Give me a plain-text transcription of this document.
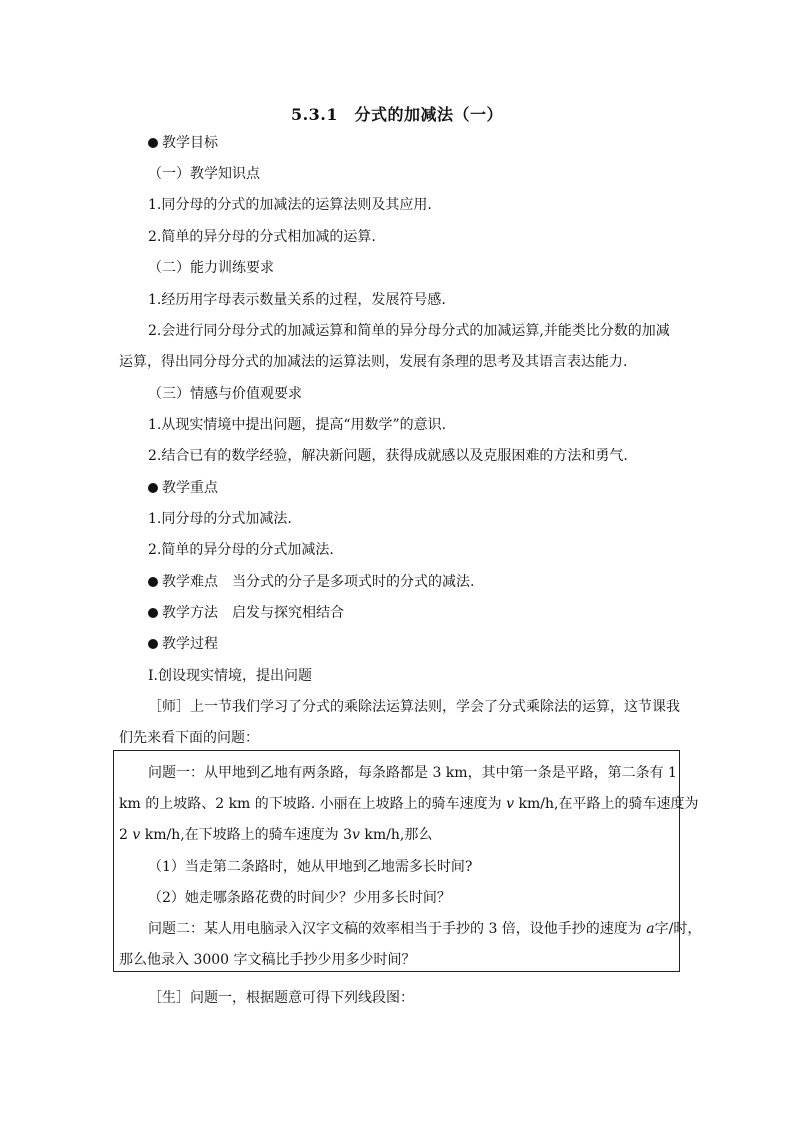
5.3.1　分式的加减法（一）
教学目标
（一）教学知识点
1.同分母的分式的加减法的运算法则及其应用.
2.简单的异分母的分式相加减的运算.
（二）能力训练要求
1.经历用字母表示数量关系的过程，发展符号感.
2.会进行同分母分式的加减运算和简单的异分母分式的加减运算,并能类比分数的加减
运算，得出同分母分式的加减法的运算法则，发展有条理的思考及其语言表达能力.
（三）情感与价值观要求
1.从现实情境中提出问题，提高“用数学”的意识.
2.结合已有的数学经验，解决新问题，获得成就感以及克服困难的方法和勇气.
教学重点
1.同分母的分式加减法.
2.简单的异分母的分式加减法.
教学难点　当分式的分子是多项式时的分式的减法.
教学方法　启发与探究相结合
教学过程
Ⅰ.创设现实情境，提出问题
［师］上一节我们学习了分式的乘除法运算法则，学会了分式乘除法的运算，这节课我
们先来看下面的问题：
问题一：从甲地到乙地有两条路，每条路都是 3 km，其中第一条是平路，第二条有 1
km 的上坡路、2 km 的下坡路. 小丽在上坡路上的骑车速度为 v km/h,在平路上的骑车速度为
2 v km/h,在下坡路上的骑车速度为 3v km/h,那么
（1）当走第二条路时，她从甲地到乙地需多长时间?
（2）她走哪条路花费的时间少？少用多长时间？
问题二：某人用电脑录入汉字文稿的效率相当于手抄的 3 倍，设他手抄的速度为 a字/时，
那么他录入 3000 字文稿比手抄少用多少时间？
［生］问题一，根据题意可得下列线段图：
